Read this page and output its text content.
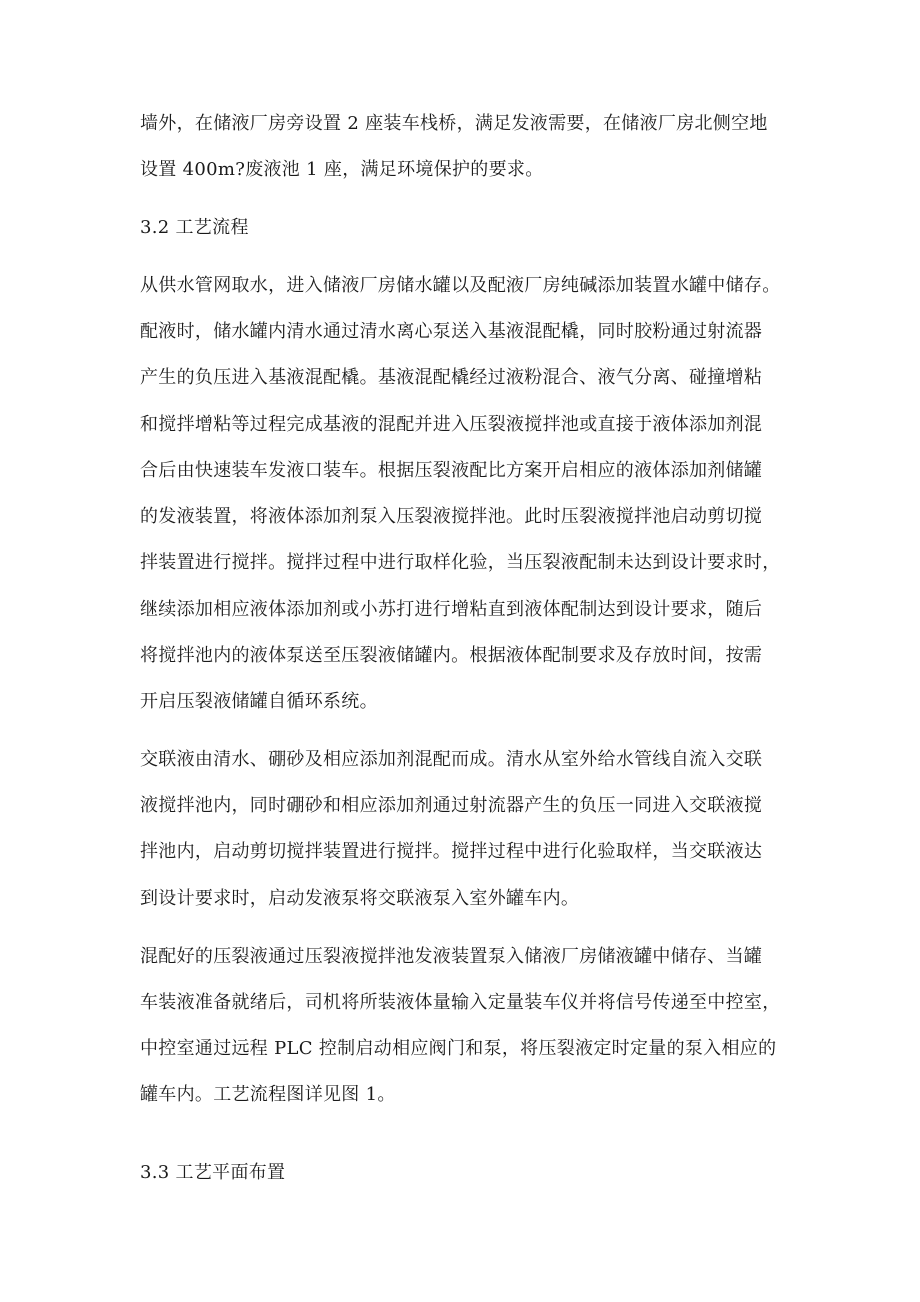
墙外，在储液厂房旁设置 2 座装车栈桥，满足发液需要，在储液厂房北侧空地
设置 400m?废液池 1 座，满足环境保护的要求。
3.2 工艺流程
从供水管网取水，进入储液厂房储水罐以及配液厂房纯碱添加装置水罐中储存。
配液时，储水罐内清水通过清水离心泵送入基液混配橇，同时胶粉通过射流器
产生的负压进入基液混配橇。基液混配橇经过液粉混合、液气分离、碰撞增粘
和搅拌增粘等过程完成基液的混配并进入压裂液搅拌池或直接于液体添加剂混
合后由快速装车发液口装车。根据压裂液配比方案开启相应的液体添加剂储罐
的发液装置，将液体添加剂泵入压裂液搅拌池。此时压裂液搅拌池启动剪切搅
拌装置进行搅拌。搅拌过程中进行取样化验，当压裂液配制未达到设计要求时，
继续添加相应液体添加剂或小苏打进行增粘直到液体配制达到设计要求，随后
将搅拌池内的液体泵送至压裂液储罐内。根据液体配制要求及存放时间，按需
开启压裂液储罐自循环系统。
交联液由清水、硼砂及相应添加剂混配而成。清水从室外给水管线自流入交联
液搅拌池内，同时硼砂和相应添加剂通过射流器产生的负压一同进入交联液搅
拌池内，启动剪切搅拌装置进行搅拌。搅拌过程中进行化验取样，当交联液达
到设计要求时，启动发液泵将交联液泵入室外罐车内。
混配好的压裂液通过压裂液搅拌池发液装置泵入储液厂房储液罐中储存、当罐
车装液准备就绪后，司机将所装液体量输入定量装车仪并将信号传递至中控室，
中控室通过远程 PLC 控制启动相应阀门和泵，将压裂液定时定量的泵入相应的
罐车内。工艺流程图详见图 1。
3.3 工艺平面布置
